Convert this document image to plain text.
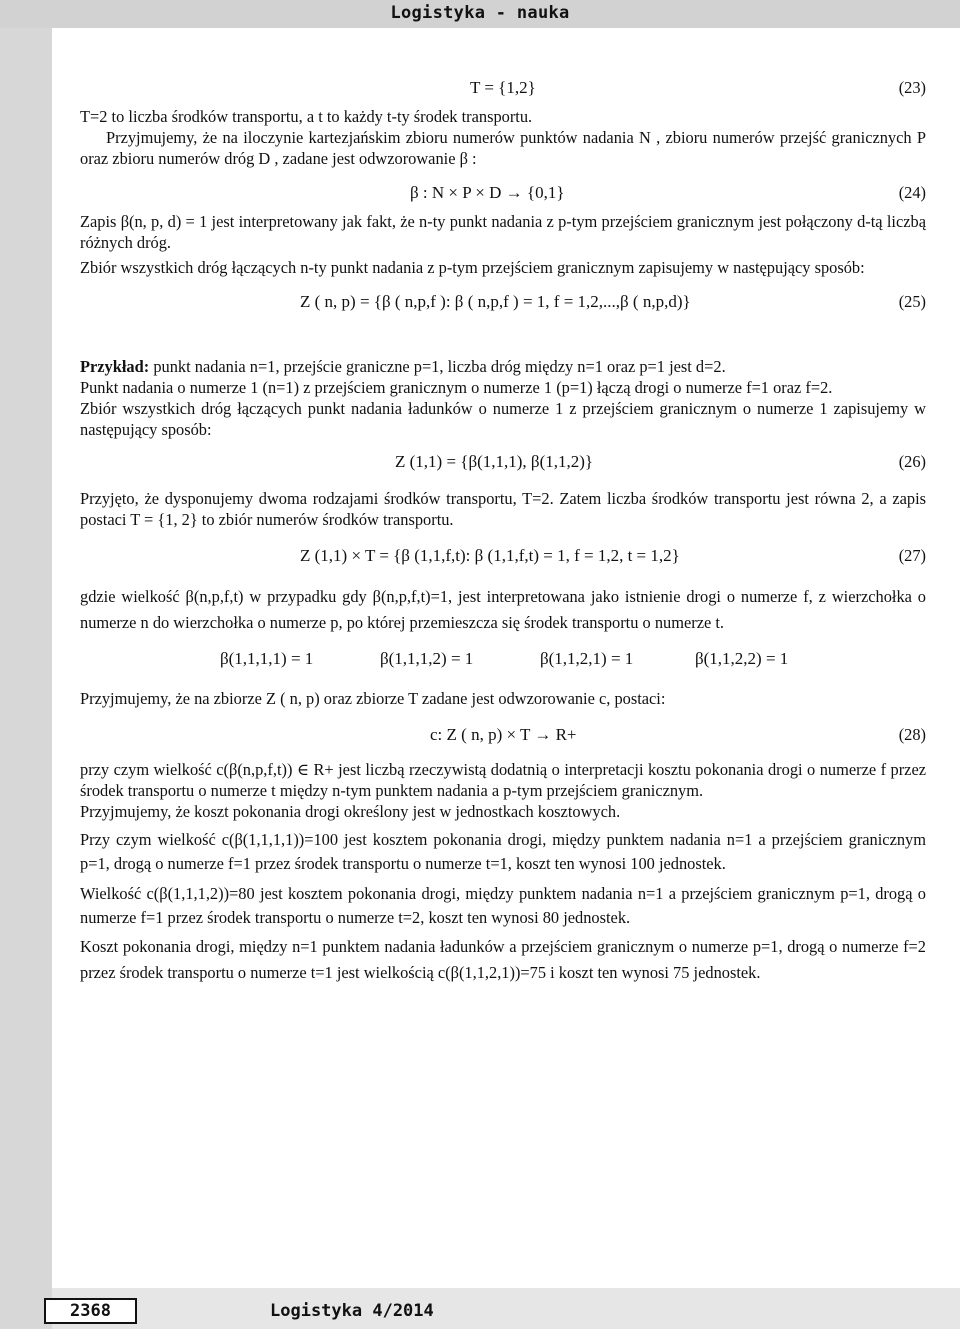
Logistyka - nauka
T = {1,2}	(23)

T=2 to liczba środków transportu, a t to każdy t-ty środek transportu.

Przyjmujemy, że na iloczynie kartezjańskim zbioru numerów punktów nadania N , zbioru numerów przejść granicznych P oraz zbioru numerów dróg D , zadane jest odwzorowanie β :

β : N × P × D → {0,1}	(24)

Zapis β(n, p, d) = 1 jest interpretowany jak fakt, że n-ty punkt nadania z p-tym przejściem granicznym jest połączony d-tą liczbą różnych dróg.

Zbiór wszystkich dróg łączących n-ty punkt nadania z p-tym przejściem granicznym zapisujemy w następujący sposób:

Z ( n, p) = {β ( n,p,f ): β ( n,p,f ) = 1, f = 1,2,...,β ( n,p,d)}	(25)

Przykład: punkt nadania n=1, przejście graniczne p=1, liczba dróg między n=1 oraz p=1 jest d=2.

Punkt nadania o numerze 1 (n=1) z przejściem granicznym o numerze 1 (p=1) łączą drogi o numerze f=1 oraz f=2.

Zbiór wszystkich dróg łączących punkt nadania ładunków o numerze 1 z przejściem granicznym o numerze 1 zapisujemy w następujący sposób:

Z (1,1) = {β(1,1,1), β(1,1,2)}	(26)

Przyjęto, że dysponujemy dwoma rodzajami środków transportu, T=2. Zatem liczba środków transportu jest równa 2, a zapis postaci T = {1, 2} to zbiór numerów środków transportu.

Z (1,1) × T = {β (1,1,f,t): β (1,1,f,t) = 1, f = 1,2, t = 1,2}	(27)

gdzie wielkość β(n,p,f,t) w przypadku gdy β(n,p,f,t)=1, jest interpretowana jako istnienie drogi o numerze f, z wierzchołka o numerze n do wierzchołka o numerze p, po której przemieszcza się środek transportu o numerze t.

β(1,1,1,1) = 1	β(1,1,1,2) = 1	β(1,1,2,1) = 1	β(1,1,2,2) = 1

Przyjmujemy, że na zbiorze Z ( n, p) oraz zbiorze T zadane jest odwzorowanie c, postaci:

c: Z ( n, p) × T → R+	(28)

przy czym wielkość c(β(n,p,f,t)) ∈ R+ jest liczbą rzeczywistą dodatnią o interpretacji kosztu pokonania drogi o numerze f przez środek transportu o numerze t między n-tym punktem nadania a p-tym przejściem granicznym.

Przyjmujemy, że koszt pokonania drogi określony jest w jednostkach kosztowych.

Przy czym wielkość c(β(1,1,1,1))=100 jest kosztem pokonania drogi, między punktem nadania n=1 a przejściem granicznym p=1, drogą o numerze f=1 przez środek transportu o numerze t=1, koszt ten wynosi 100 jednostek.

Wielkość c(β(1,1,1,2))=80 jest kosztem pokonania drogi, między punktem nadania n=1 a przejściem granicznym p=1, drogą o numerze f=1 przez środek transportu o numerze t=2, koszt ten wynosi 80 jednostek.

Koszt pokonania drogi, między n=1 punktem nadania ładunków a przejściem granicznym o numerze p=1, drogą o numerze f=2 przez środek transportu o numerze t=1 jest wielkością c(β(1,1,2,1))=75 i koszt ten wynosi 75 jednostek.

2368	Logistyka 4/2014
